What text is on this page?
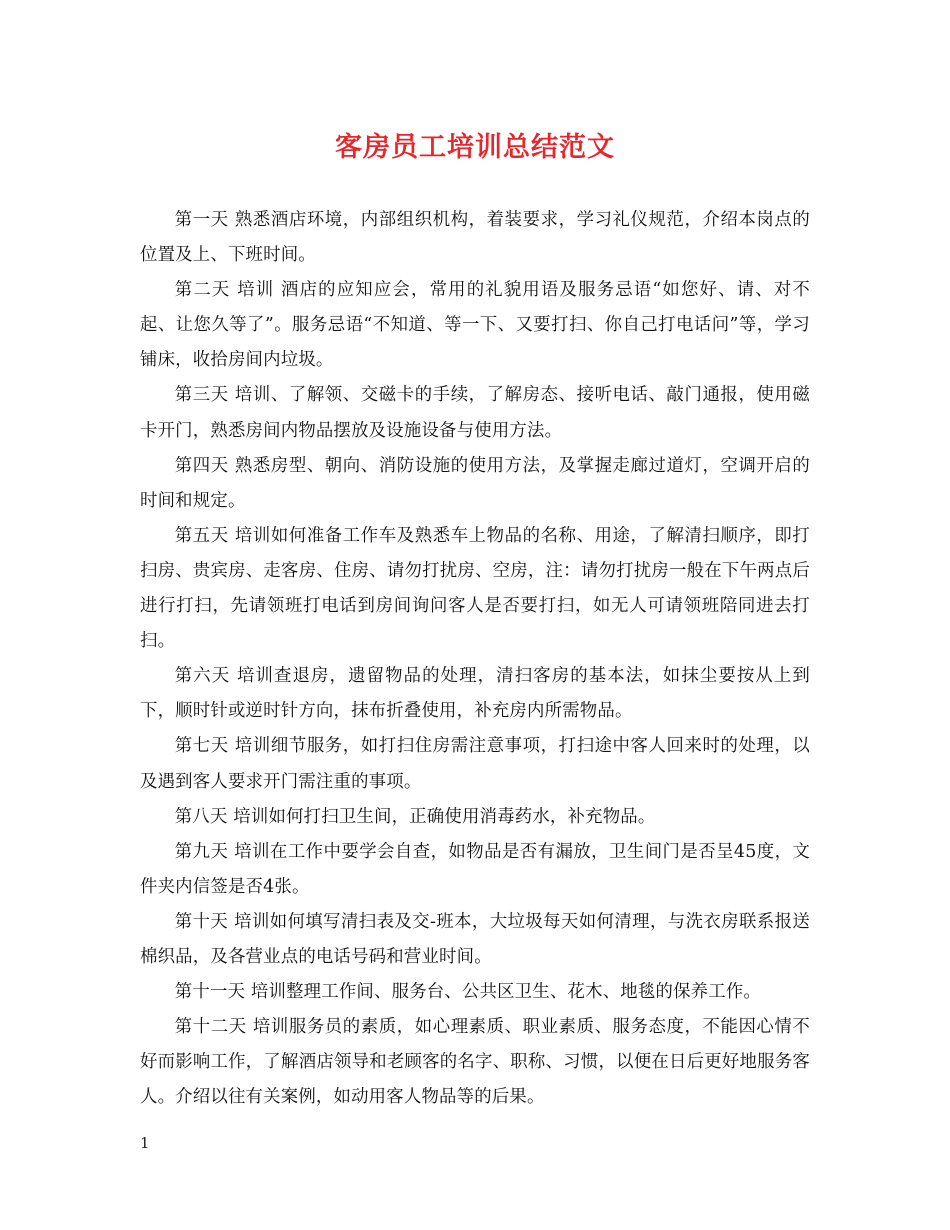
客房员工培训总结范文

第一天 熟悉酒店环境，内部组织机构，着装要求，学习礼仪规范，介绍本岗点的位置及上、下班时间。

第二天 培训 酒店的应知应会，常用的礼貌用语及服务忌语“如您好、请、对不起、让您久等了”。服务忌语“不知道、等一下、又要打扫、你自己打电话问”等，学习铺床，收拾房间内垃圾。

第三天 培训、了解领、交磁卡的手续，了解房态、接听电话、敲门通报，使用磁卡开门，熟悉房间内物品摆放及设施设备与使用方法。

第四天 熟悉房型、朝向、消防设施的使用方法，及掌握走廊过道灯，空调开启的时间和规定。

第五天 培训如何准备工作车及熟悉车上物品的名称、用途，了解清扫顺序，即打扫房、贵宾房、走客房、住房、请勿打扰房、空房，注：请勿打扰房一般在下午两点后进行打扫，先请领班打电话到房间询问客人是否要打扫，如无人可请领班陪同进去打扫。

第六天 培训查退房，遗留物品的处理，清扫客房的基本法，如抹尘要按从上到下，顺时针或逆时针方向，抹布折叠使用，补充房内所需物品。

第七天 培训细节服务，如打扫住房需注意事项，打扫途中客人回来时的处理，以及遇到客人要求开门需注重的事项。

第八天 培训如何打扫卫生间，正确使用消毒药水，补充物品。

第九天 培训在工作中要学会自查，如物品是否有漏放，卫生间门是否呈45度，文件夹内信签是否4张。

第十天 培训如何填写清扫表及交-班本，大垃圾每天如何清理，与洗衣房联系报送棉织品，及各营业点的电话号码和营业时间。

第十一天 培训整理工作间、服务台、公共区卫生、花木、地毯的保养工作。

第十二天 培训服务员的素质，如心理素质、职业素质、服务态度，不能因心情不好而影响工作，了解酒店领导和老顾客的名字、职称、习惯，以便在日后更好地服务客人。介绍以往有关案例，如动用客人物品等的后果。

1
